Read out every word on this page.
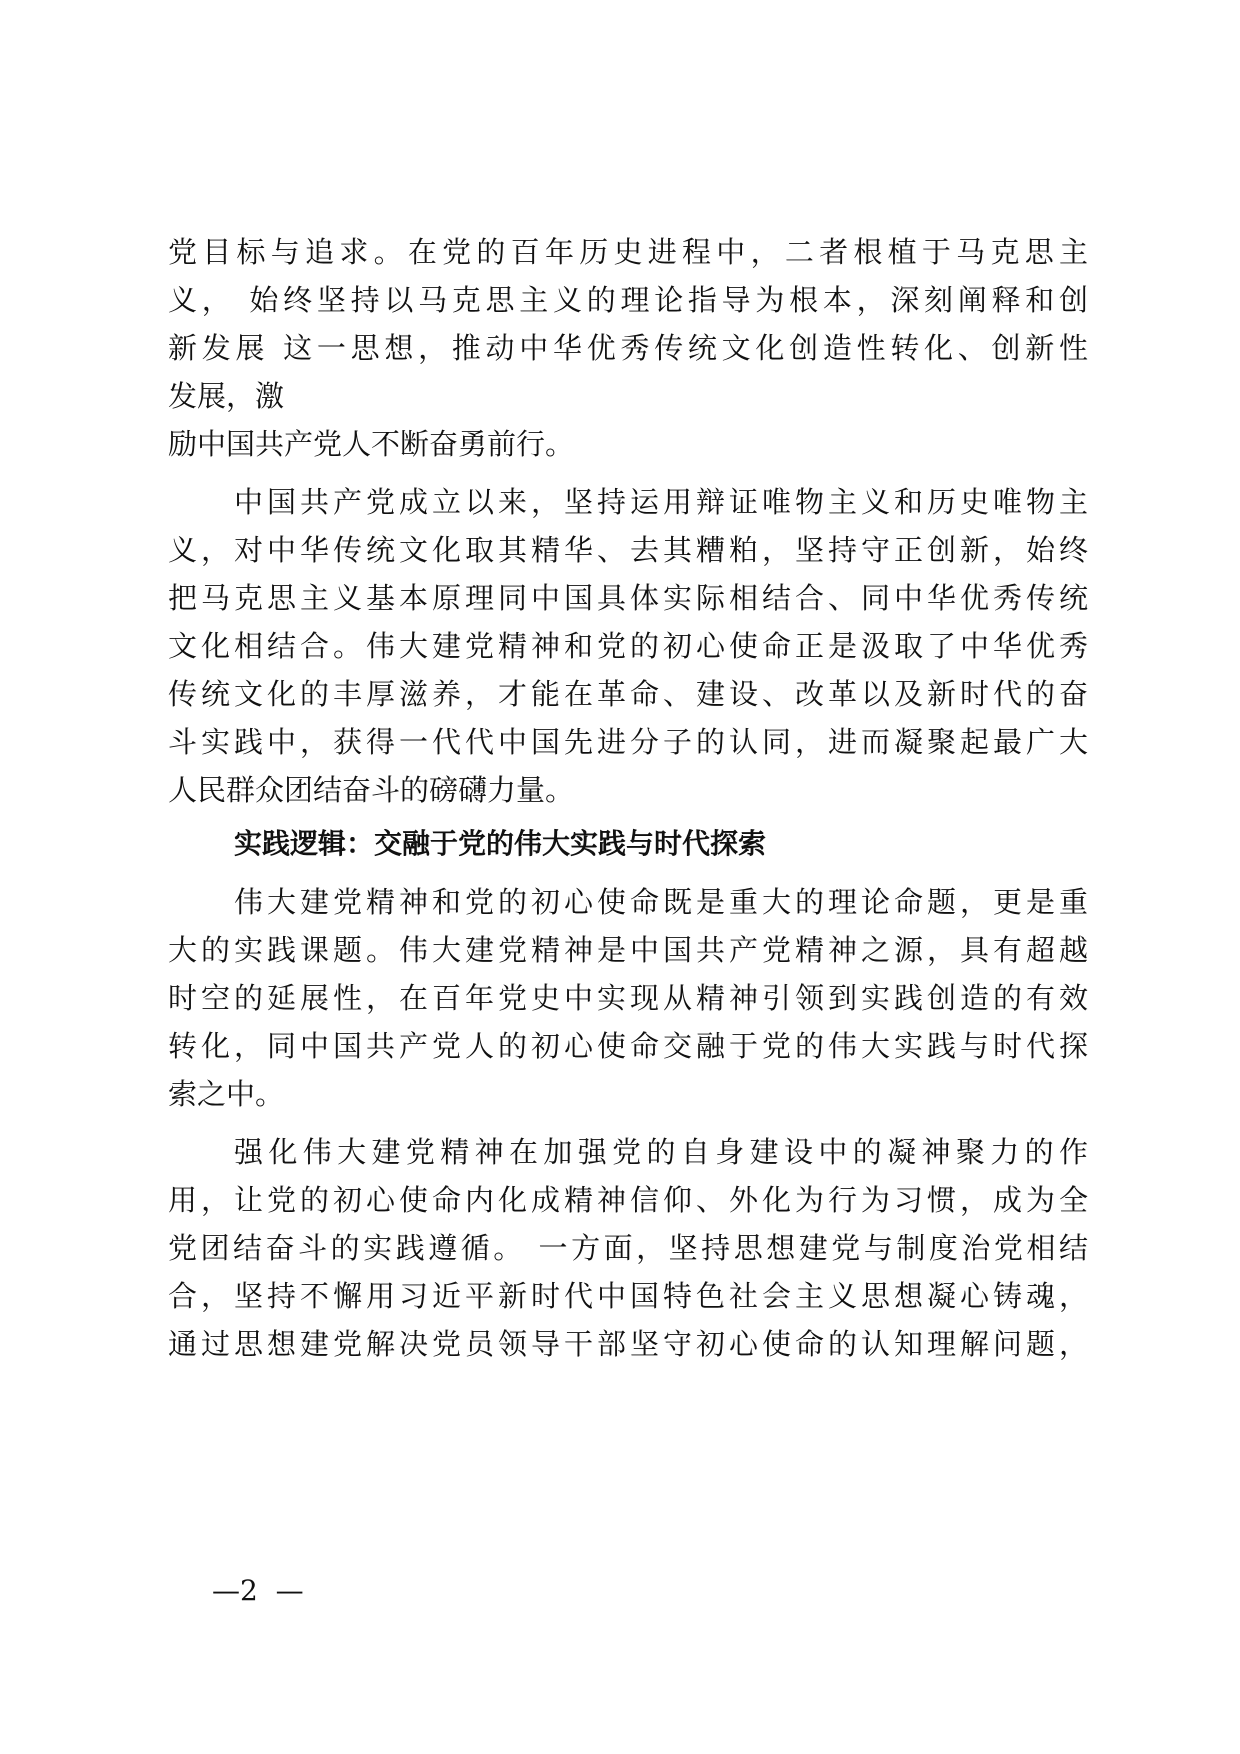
党目标与追求。在党的百年历史进程中，二者根植于马克思主
义， 始终坚持以马克思主义的理论指导为根本，深刻阐释和创
新发展 这一思想，推动中华优秀传统文化创造性转化、创新性
发展，激
励中国共产党人不断奋勇前行。
中国共产党成立以来，坚持运用辩证唯物主义和历史唯物主
义，对中华传统文化取其精华、去其糟粕，坚持守正创新，始终
把马克思主义基本原理同中国具体实际相结合、同中华优秀传统
文化相结合。伟大建党精神和党的初心使命正是汲取了中华优秀
传统文化的丰厚滋养，才能在革命、建设、改革以及新时代的奋
斗实践中，获得一代代中国先进分子的认同，进而凝聚起最广大
人民群众团结奋斗的磅礴力量。
实践逻辑：交融于党的伟大实践与时代探索
伟大建党精神和党的初心使命既是重大的理论命题，更是重
大的实践课题。伟大建党精神是中国共产党精神之源，具有超越
时空的延展性，在百年党史中实现从精神引领到实践创造的有效
转化，同中国共产党人的初心使命交融于党的伟大实践与时代探
索之中。
强化伟大建党精神在加强党的自身建设中的凝神聚力的作
用，让党的初心使命内化成精神信仰、外化为行为习惯，成为全
党团结奋斗的实践遵循。 一方面，坚持思想建党与制度治党相结
合，坚持不懈用习近平新时代中国特色社会主义思想凝心铸魂，
通过思想建党解决党员领导干部坚守初心使命的认知理解问题，
—2  —
